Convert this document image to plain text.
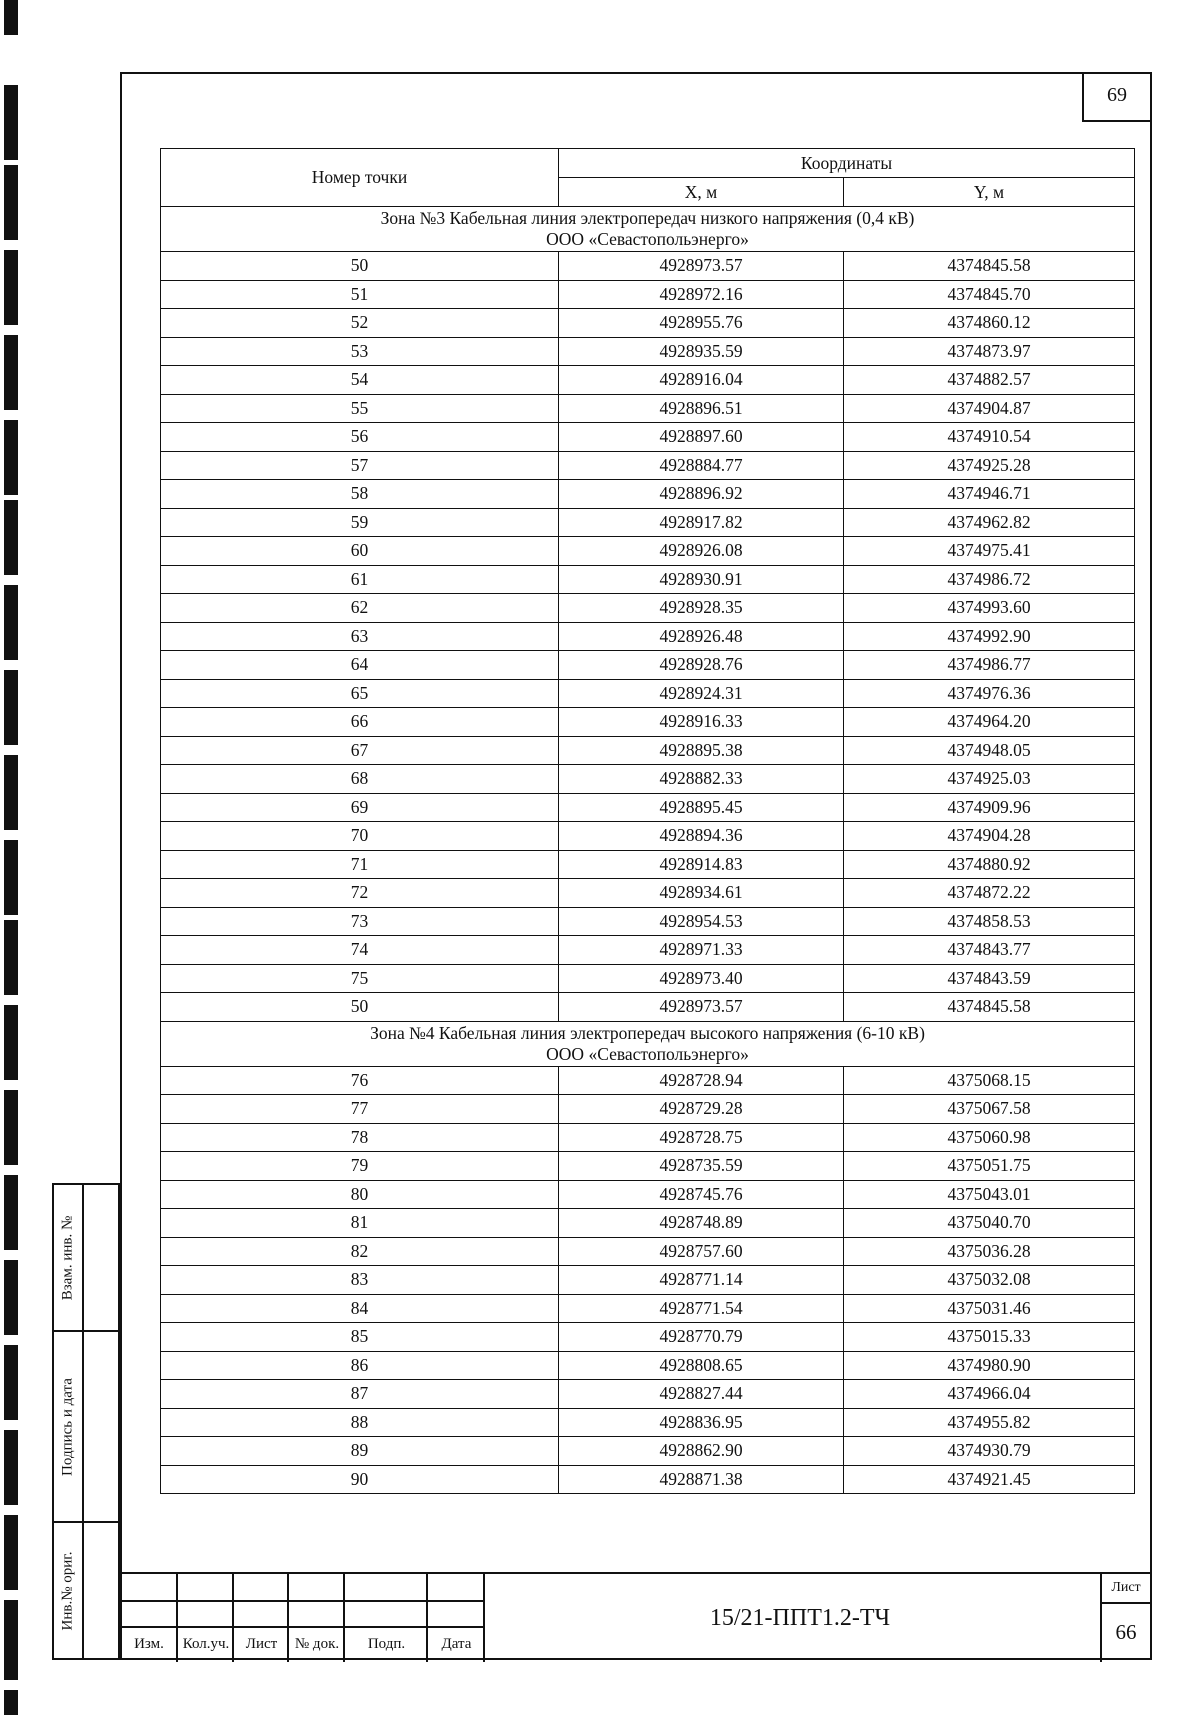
69
Номер точки	Координаты	
	X, м	Y, м

Зона №3 Кабельная линия электропередач низкого напряжения (0,4 кВ)
ООО «Севастопольэнерго»		

50	4928973.57	4374845.58
51	4928972.16	4374845.70
52	4928955.76	4374860.12
53	4928935.59	4374873.97
54	4928916.04	4374882.57
55	4928896.51	4374904.87
56	4928897.60	4374910.54
57	4928884.77	4374925.28
58	4928896.92	4374946.71
59	4928917.82	4374962.82
60	4928926.08	4374975.41
61	4928930.91	4374986.72
62	4928928.35	4374993.60
63	4928926.48	4374992.90
64	4928928.76	4374986.77
65	4928924.31	4374976.36
66	4928916.33	4374964.20
67	4928895.38	4374948.05
68	4928882.33	4374925.03
69	4928895.45	4374909.96
70	4928894.36	4374904.28
71	4928914.83	4374880.92
72	4928934.61	4374872.22
73	4928954.53	4374858.53
74	4928971.33	4374843.77
75	4928973.40	4374843.59
50	4928973.57	4374845.58

Зона №4 Кабельная линия электропередач высокого напряжения (6-10 кВ)
ООО «Севастопольэнерго»		

76	4928728.94	4375068.15
77	4928729.28	4375067.58
78	4928728.75	4375060.98
79	4928735.59	4375051.75
80	4928745.76	4375043.01
81	4928748.89	4375040.70
82	4928757.60	4375036.28
83	4928771.14	4375032.08
84	4928771.54	4375031.46
85	4928770.79	4375015.33
86	4928808.65	4374980.90
87	4928827.44	4374966.04
88	4928836.95	4374955.82
89	4928862.90	4374930.79
90	4928871.38	4374921.45
Взам. инв. №
Подпись и дата
Инв.№ ориг.
Изм.	Кол.уч.	Лист	№ док.	Подп.	Дата
15/21-ППТ1.2-ТЧ
Лист
66
